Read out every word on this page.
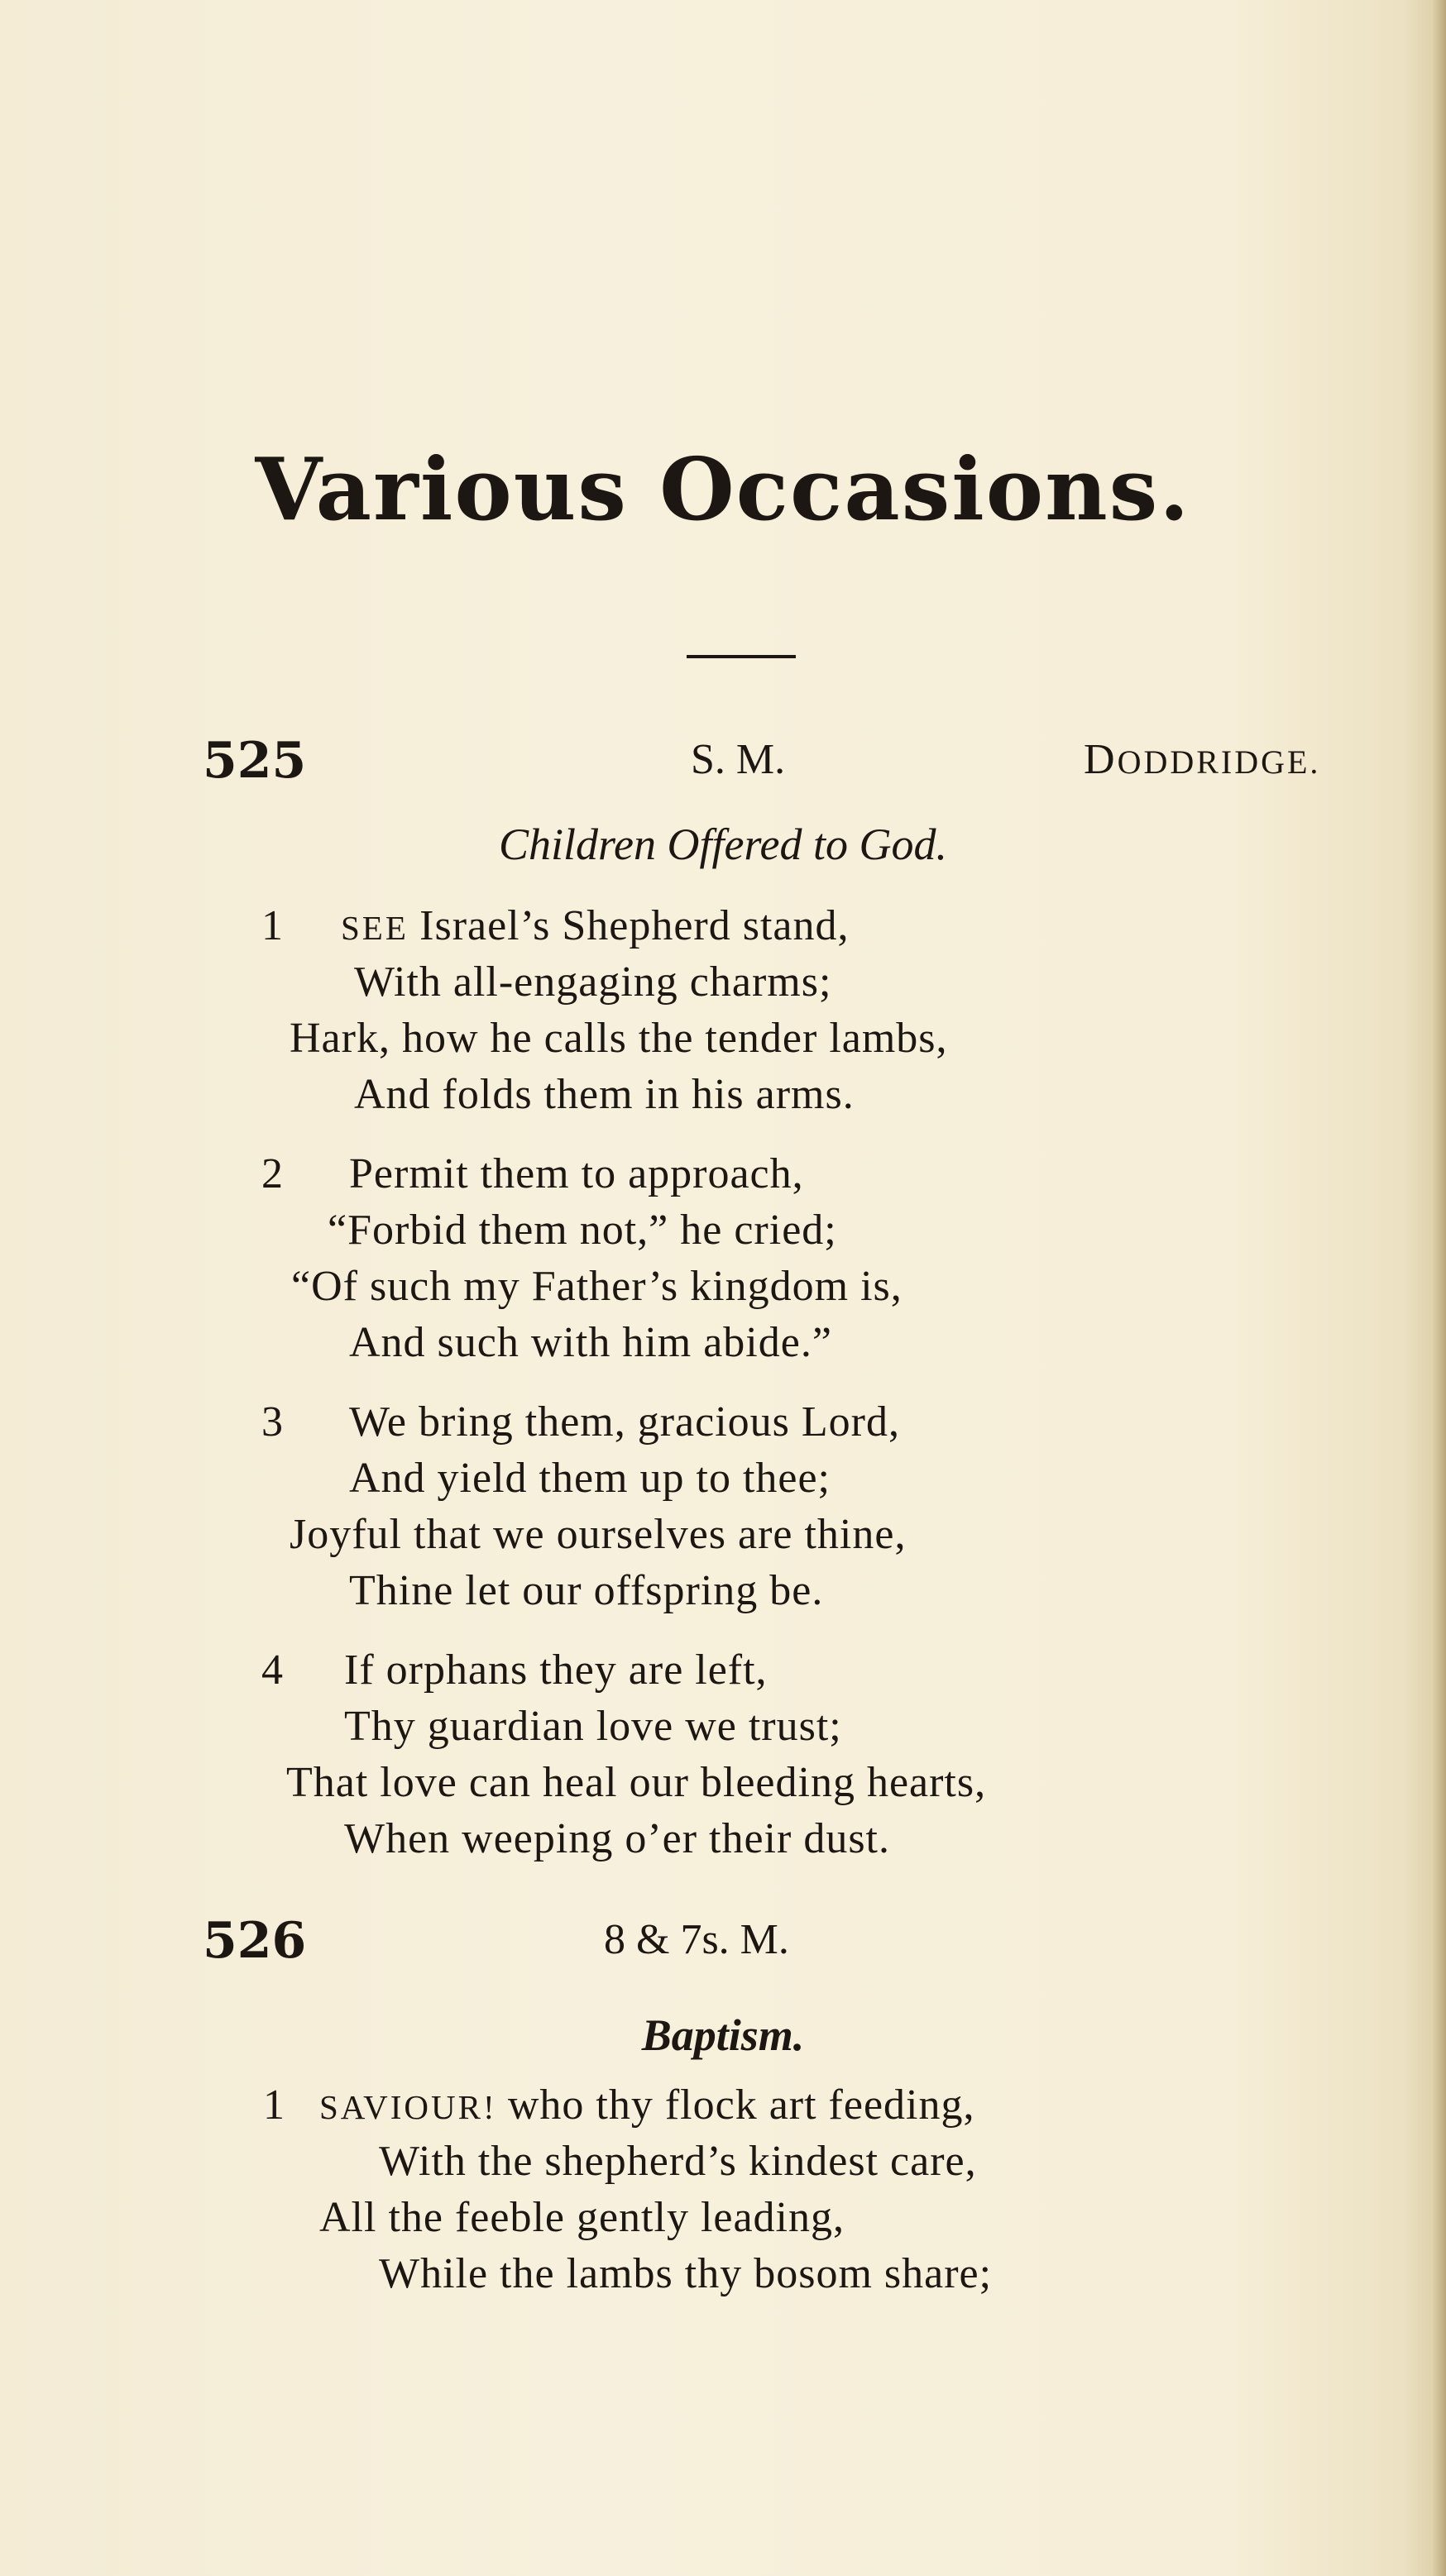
Various Occasions.
525	S. M.	DODDRIDGE.
Children Offered to God.
1 SEE Israel’s Shepherd stand,
With all-engaging charms;
Hark, how he calls the tender lambs,
And folds them in his arms.
2 Permit them to approach,
“Forbid them not,” he cried;
“Of such my Father’s kingdom is,
And such with him abide.”
3 We bring them, gracious Lord,
And yield them up to thee;
Joyful that we ourselves are thine,
Thine let our offspring be.
4 If orphans they are left,
Thy guardian love we trust;
That love can heal our bleeding hearts,
When weeping o’er their dust.
526	8 & 7s. M.
Baptism.
1 SAVIOUR! who thy flock art feeding,
With the shepherd’s kindest care,
All the feeble gently leading,
While the lambs thy bosom share;
